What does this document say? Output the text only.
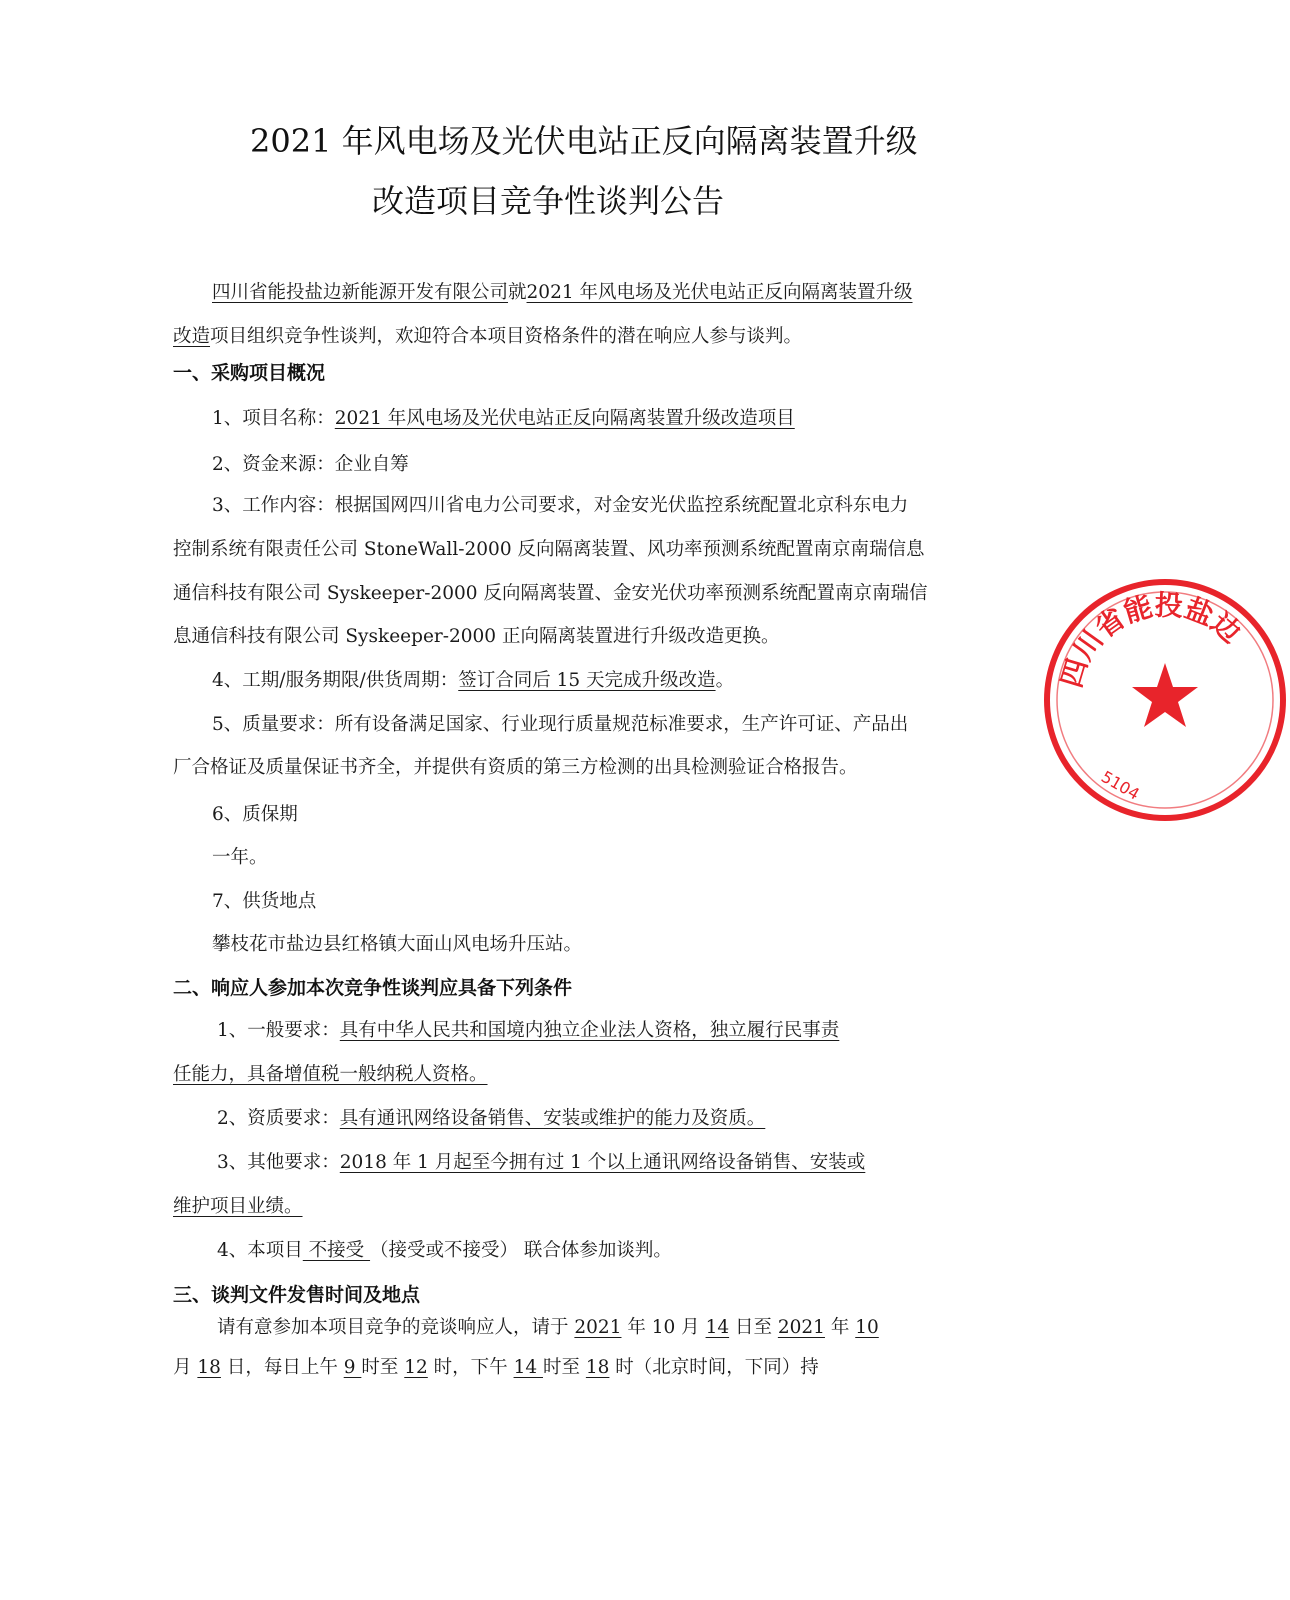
2021 年风电场及光伏电站正反向隔离装置升级
改造项目竞争性谈判公告
四川省能投盐边新能源开发有限公司就2021 年风电场及光伏电站正反向隔离装置升级
改造项目组织竞争性谈判，欢迎符合本项目资格条件的潜在响应人参与谈判。
一、采购项目概况
1、项目名称：2021 年风电场及光伏电站正反向隔离装置升级改造项目
2、资金来源：企业自筹
3、工作内容：根据国网四川省电力公司要求，对金安光伏监控系统配置北京科东电力
控制系统有限责任公司 StoneWall-2000 反向隔离装置、风功率预测系统配置南京南瑞信息
通信科技有限公司 Syskeeper-2000 反向隔离装置、金安光伏功率预测系统配置南京南瑞信
息通信科技有限公司 Syskeeper-2000 正向隔离装置进行升级改造更换。
4、工期/服务期限/供货周期：签订合同后 15 天完成升级改造。
5、质量要求：所有设备满足国家、行业现行质量规范标准要求，生产许可证、产品出
厂合格证及质量保证书齐全，并提供有资质的第三方检测的出具检测验证合格报告。
6、质保期
一年。
7、供货地点
攀枝花市盐边县红格镇大面山风电场升压站。
二、响应人参加本次竞争性谈判应具备下列条件
1、一般要求：具有中华人民共和国境内独立企业法人资格，独立履行民事责
任能力，具备增值税一般纳税人资格。
2、资质要求：具有通讯网络设备销售、安装或维护的能力及资质。
3、其他要求：2018 年 1 月起至今拥有过 1 个以上通讯网络设备销售、安装或
维护项目业绩。
4、本项目 不接受 （接受或不接受） 联合体参加谈判。
三、谈判文件发售时间及地点
请有意参加本项目竞争的竞谈响应人，请于 2021 年 10 月 14 日至 2021 年 10
月 18 日，每日上午 9 时至 12 时，下午 14 时至 18 时（北京时间，下同）持
四川省能投盐边
5104
